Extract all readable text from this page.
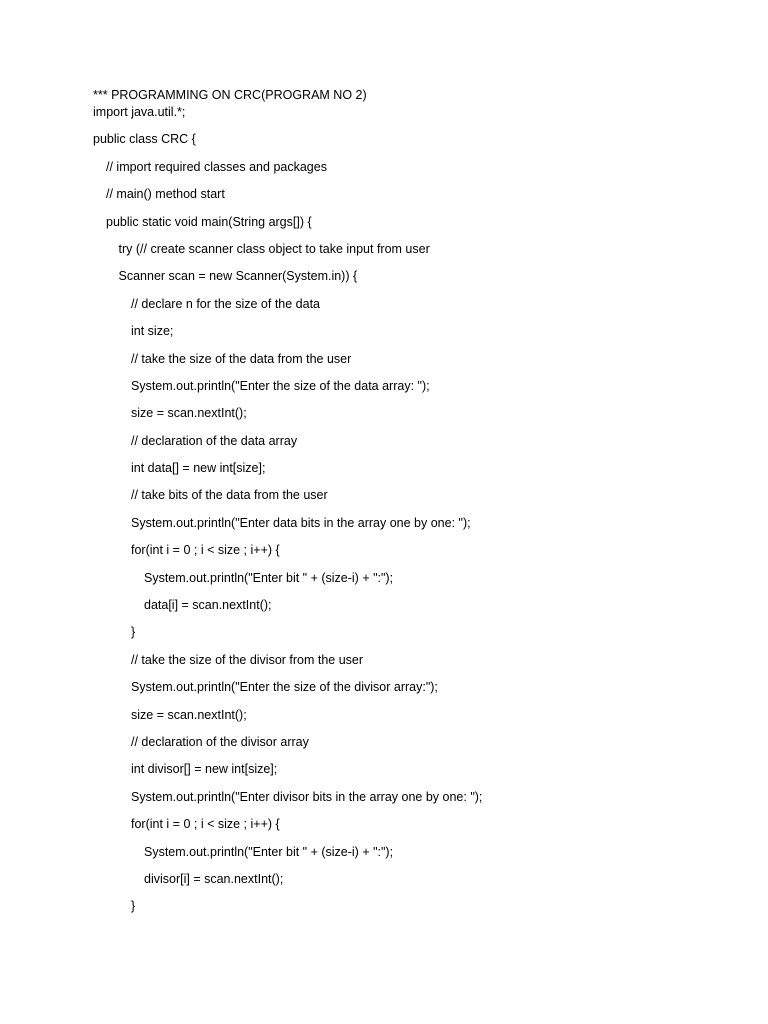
*** PROGRAMMING ON CRC(PROGRAM NO 2)
import java.util.*;
public class CRC {
// import required classes and packages
// main() method start
public static void main(String args[]) {
try (// create scanner class object to take input from user
Scanner scan = new Scanner(System.in)) {
// declare n for the size of the data
int size;
// take the size of the data from the user
System.out.println("Enter the size of the data array: ");
size = scan.nextInt();
// declaration of the data array
int data[] = new int[size];
// take bits of the data from the user
System.out.println("Enter data bits in the array one by one: ");
for(int i = 0 ; i < size ; i++) {
System.out.println("Enter bit " + (size-i) + ":");
data[i] = scan.nextInt();
}
// take the size of the divisor from the user
System.out.println("Enter the size of the divisor array:");
size = scan.nextInt();
// declaration of the divisor array
int divisor[] = new int[size];
System.out.println("Enter divisor bits in the array one by one: ");
for(int i = 0 ; i < size ; i++) {
System.out.println("Enter bit " + (size-i) + ":");
divisor[i] = scan.nextInt();
}
